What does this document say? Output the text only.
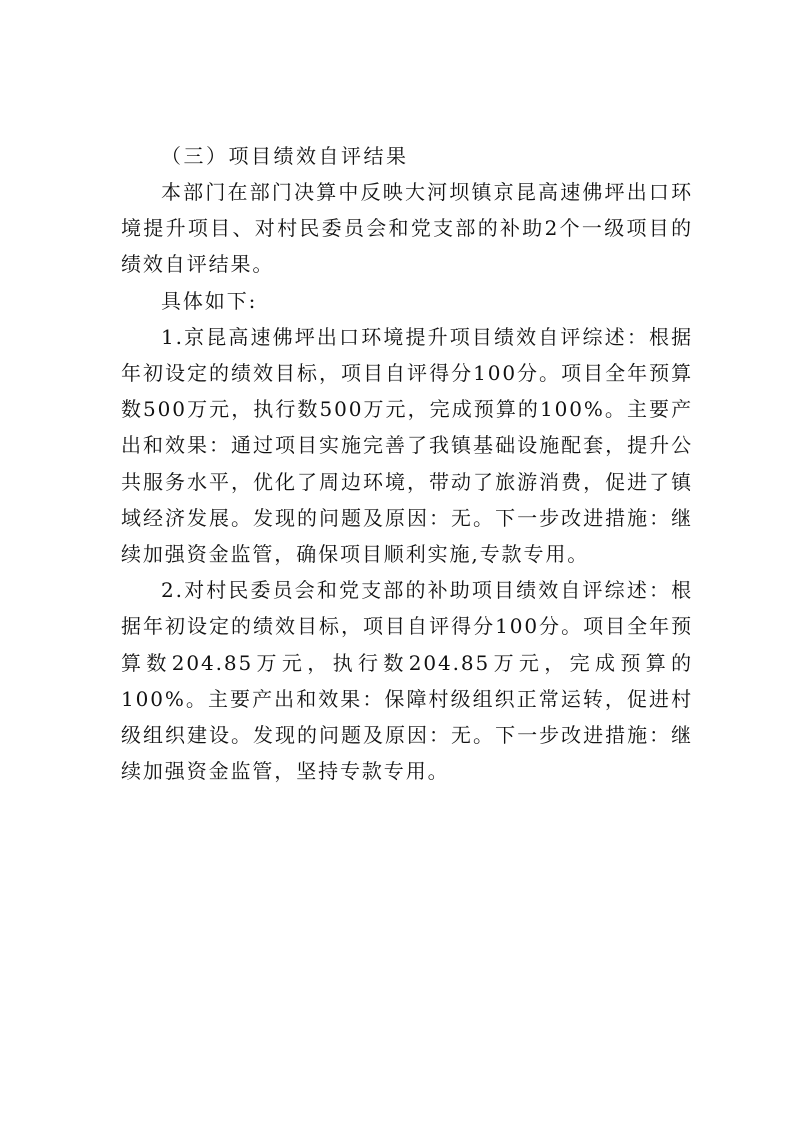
（三）项目绩效自评结果

本部门在部门决算中反映大河坝镇京昆高速佛坪出口环境提升项目、对村民委员会和党支部的补助2个一级项目的绩效自评结果。

具体如下:

1.京昆高速佛坪出口环境提升项目绩效自评综述：根据年初设定的绩效目标，项目自评得分100分。项目全年预算数500万元，执行数500万元，完成预算的100%。主要产出和效果：通过项目实施完善了我镇基础设施配套，提升公共服务水平，优化了周边环境，带动了旅游消费，促进了镇域经济发展。发现的问题及原因：无。下一步改进措施：继续加强资金监管，确保项目顺利实施,专款专用。

2.对村民委员会和党支部的补助项目绩效自评综述：根据年初设定的绩效目标，项目自评得分100分。项目全年预算数204.85万元，执行数204.85万元，完成预算的100%。主要产出和效果：保障村级组织正常运转，促进村级组织建设。发现的问题及原因：无。下一步改进措施：继续加强资金监管，坚持专款专用。
